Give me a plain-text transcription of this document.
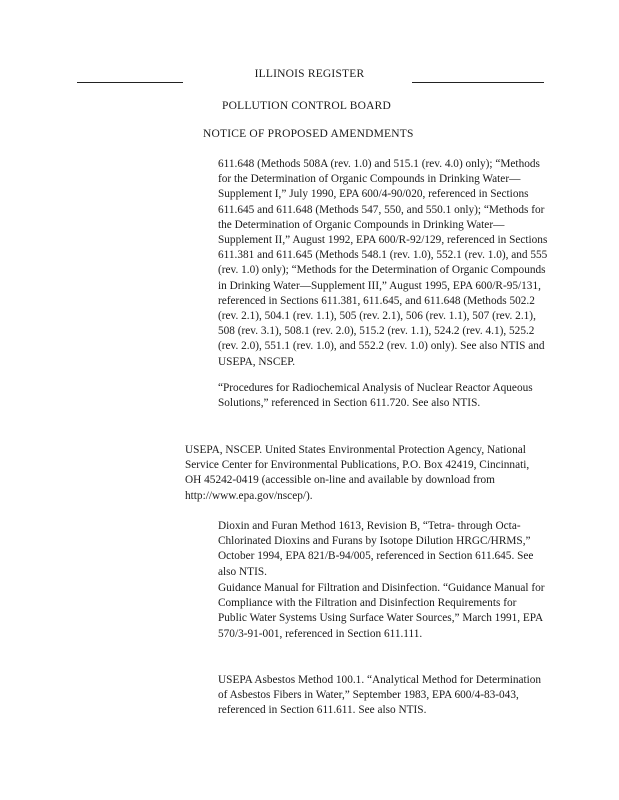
ILLINOIS REGISTER
POLLUTION CONTROL BOARD
NOTICE OF PROPOSED AMENDMENTS

611.648 (Methods 508A (rev. 1.0) and 515.1 (rev. 4.0) only); “Methods for the Determination of Organic Compounds in Drinking Water—Supplement I,” July 1990, EPA 600/4-90/020, referenced in Sections 611.645 and 611.648 (Methods 547, 550, and 550.1 only); “Methods for the Determination of Organic Compounds in Drinking Water—Supplement II,” August 1992, EPA 600/R-92/129, referenced in Sections 611.381 and 611.645 (Methods 548.1 (rev. 1.0), 552.1 (rev. 1.0), and 555 (rev. 1.0) only); “Methods for the Determination of Organic Compounds in Drinking Water—Supplement III,” August 1995, EPA 600/R-95/131, referenced in Sections 611.381, 611.645, and 611.648 (Methods 502.2 (rev. 2.1), 504.1 (rev. 1.1), 505 (rev. 2.1), 506 (rev. 1.1), 507 (rev. 2.1), 508 (rev. 3.1), 508.1 (rev. 2.0), 515.2 (rev. 1.1), 524.2 (rev. 4.1), 525.2 (rev. 2.0), 551.1 (rev. 1.0), and 552.2 (rev. 1.0) only). See also NTIS and USEPA, NSCEP.

“Procedures for Radiochemical Analysis of Nuclear Reactor Aqueous Solutions,” referenced in Section 611.720. See also NTIS.

USEPA, NSCEP. United States Environmental Protection Agency, National Service Center for Environmental Publications, P.O. Box 42419, Cincinnati, OH 45242-0419 (accessible on-line and available by download from http://www.epa.gov/nscep/).

Dioxin and Furan Method 1613, Revision B, “Tetra- through Octa-Chlorinated Dioxins and Furans by Isotope Dilution HRGC/HRMS,” October 1994, EPA 821/B-94/005, referenced in Section 611.645. See also NTIS.

Guidance Manual for Filtration and Disinfection. “Guidance Manual for Compliance with the Filtration and Disinfection Requirements for Public Water Systems Using Surface Water Sources,” March 1991, EPA 570/3-91-001, referenced in Section 611.111.

USEPA Asbestos Method 100.1. “Analytical Method for Determination of Asbestos Fibers in Water,” September 1983, EPA 600/4-83-043, referenced in Section 611.611. See also NTIS.
